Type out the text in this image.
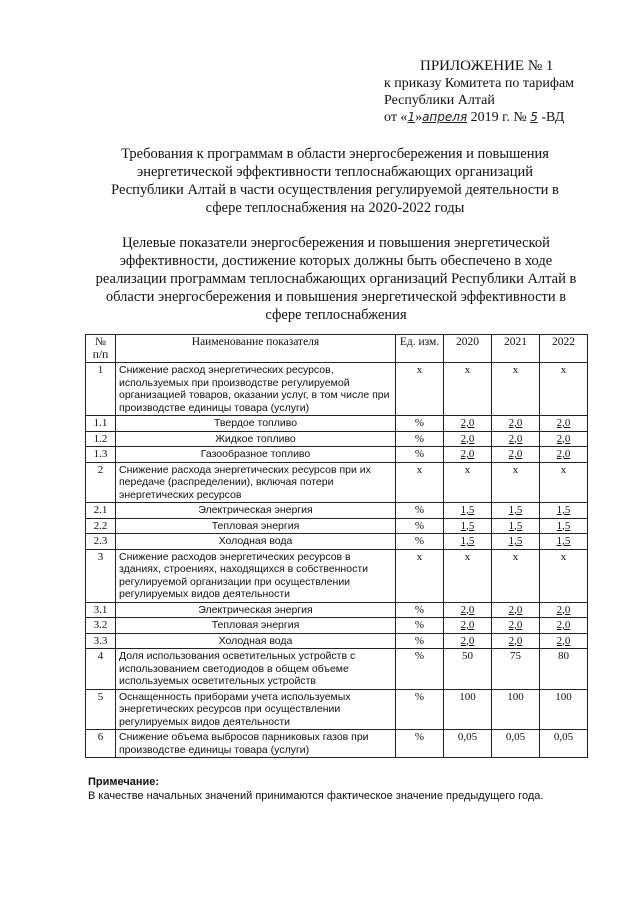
ПРИЛОЖЕНИЕ № 1
к приказу Комитета по тарифам
Республики Алтай
от «1»апреля 2019 г. № 5 -ВД
Требования к программам в области энергосбережения и повышения энергетической эффективности теплоснабжающих организаций Республики Алтай в части осуществления регулируемой деятельности в сфере теплоснабжения на 2020-2022 годы
Целевые показатели энергосбережения и повышения энергетической эффективности, достижение которых должны быть обеспечено в ходе реализации программам теплоснабжающих организаций Республики Алтай в области энергосбережения и повышения энергетической эффективности в сфере теплоснабжения
№ п/п	Наименование показателя	Ед. изм.	2020	2021	2022
1	Снижение расход энергетических ресурсов, используемых при производстве регулируемой организацией товаров, оказании услуг, в том числе при производстве единицы товара (услуги)	х	х	х	х
1.1	Твердое топливо	%	2,0	2,0	2,0
1.2	Жидкое топливо	%	2,0	2,0	2,0
1.3	Газообразное топливо	%	2,0	2,0	2,0
2	Снижение расхода энергетических ресурсов при их передаче (распределении), включая потери энергетических ресурсов	х	х	х	х
2.1	Электрическая энергия	%	1,5	1,5	1,5
2.2	Тепловая энергия	%	1,5	1,5	1,5
2.3	Холодная вода	%	1,5	1,5	1,5
3	Снижение расходов энергетических ресурсов в зданиях, строениях, находящихся в собственности регулируемой организации при осуществлении регулируемых видов деятельности	х	х	х	х
3.1	Электрическая энергия	%	2,0	2,0	2,0
3.2	Тепловая энергия	%	2,0	2,0	2,0
3.3	Холодная вода	%	2,0	2,0	2,0
4	Доля использования осветительных устройств с использованием светодиодов в общем объеме используемых осветительных устройств	%	50	75	80
5	Оснащенность приборами учета используемых энергетических ресурсов при осуществлении регулируемых видов деятельности	%	100	100	100
6	Снижение объема выбросов парниковых газов при производстве единицы товара (услуги)	%	0,05	0,05	0,05
Примечание:
В качестве начальных значений принимаются фактическое значение предыдущего года.
